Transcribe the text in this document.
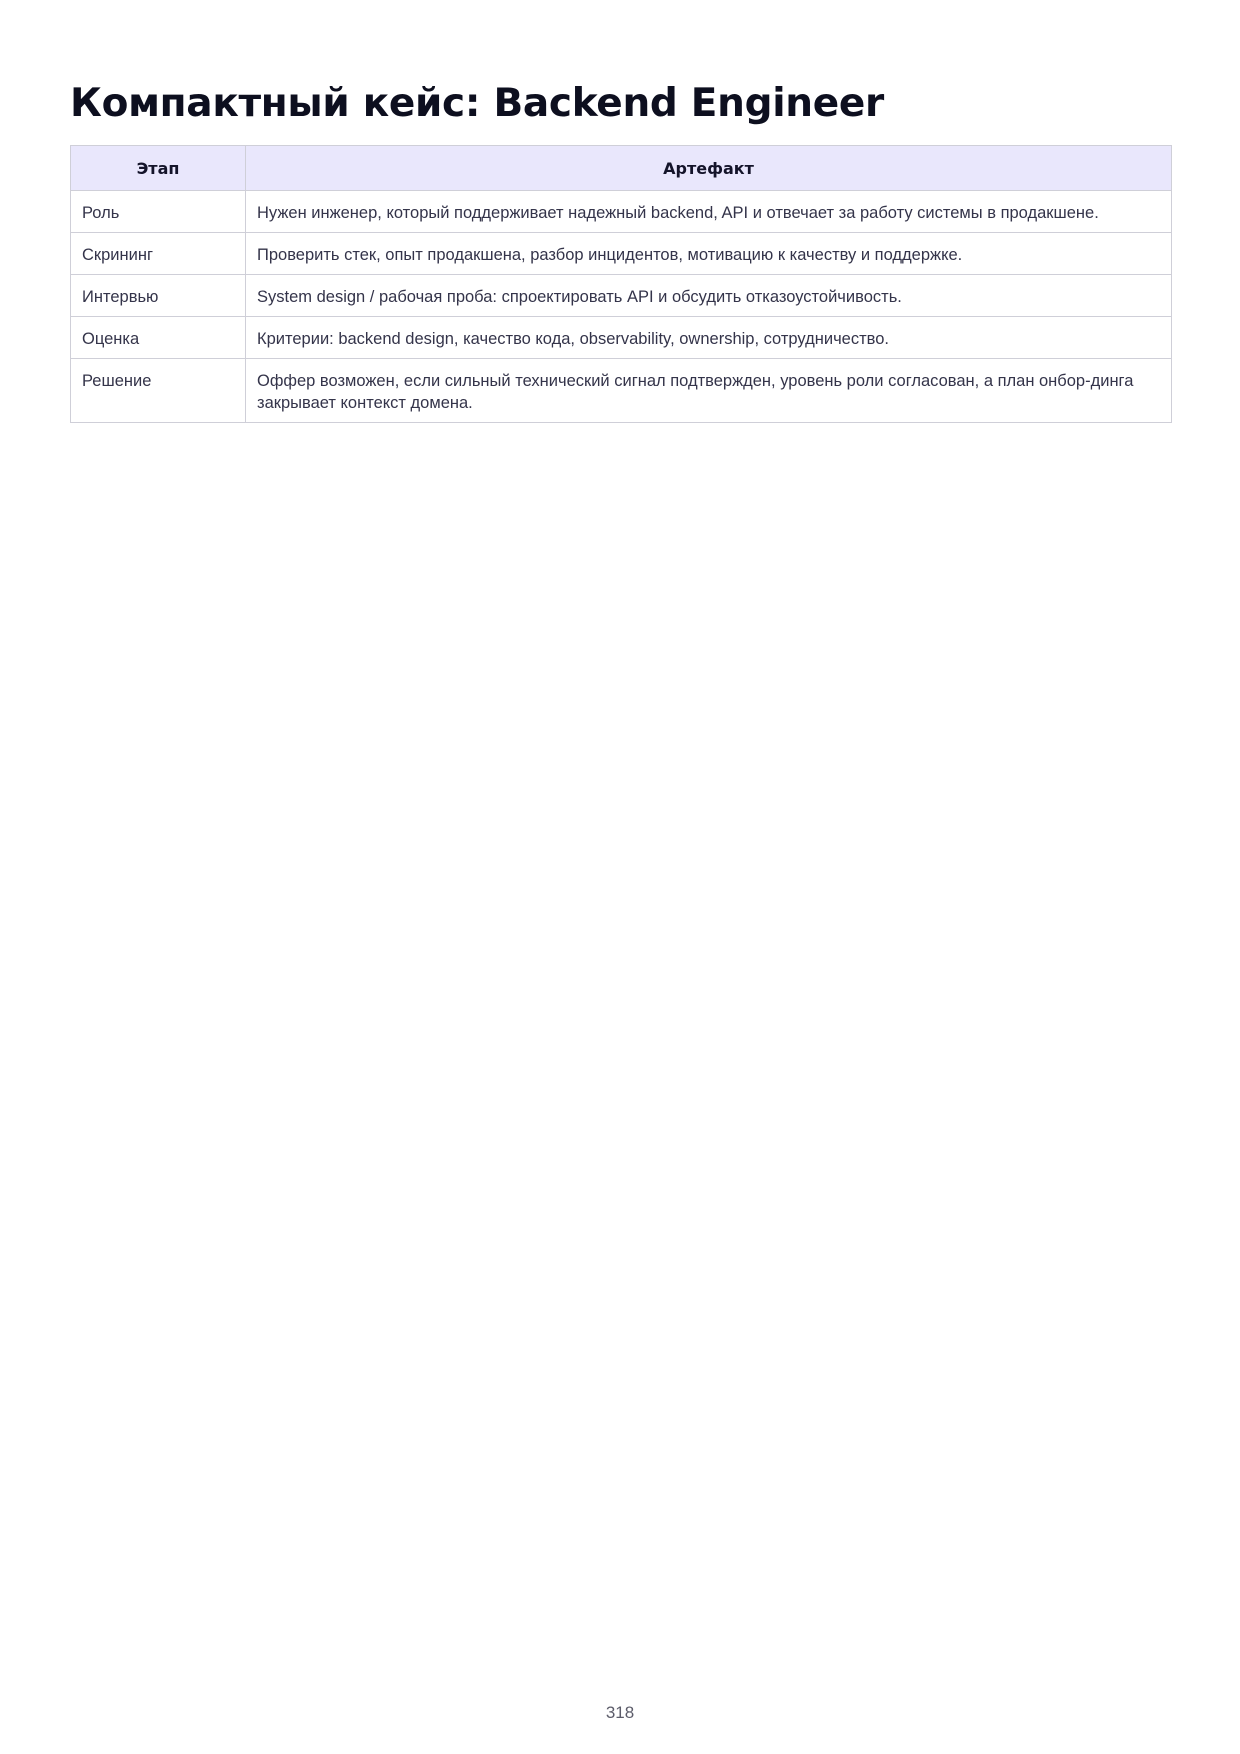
Компактный кейс: Backend Engineer
Этап	Артефакт
Роль	Нужен инженер, который поддерживает надежный backend, API и отвечает за работу системы в продакшене.
Скрининг	Проверить стек, опыт продакшена, разбор инцидентов, мотивацию к качеству и поддержке.
Интервью	System design / рабочая проба: спроектировать API и обсудить отказоустойчивость.
Оценка	Критерии: backend design, качество кода, observability, ownership, сотрудничество.
Решение	Оффер возможен, если сильный технический сигнал подтвержден, уровень роли согласован, а план онбор-динга закрывает контекст домена.
318
